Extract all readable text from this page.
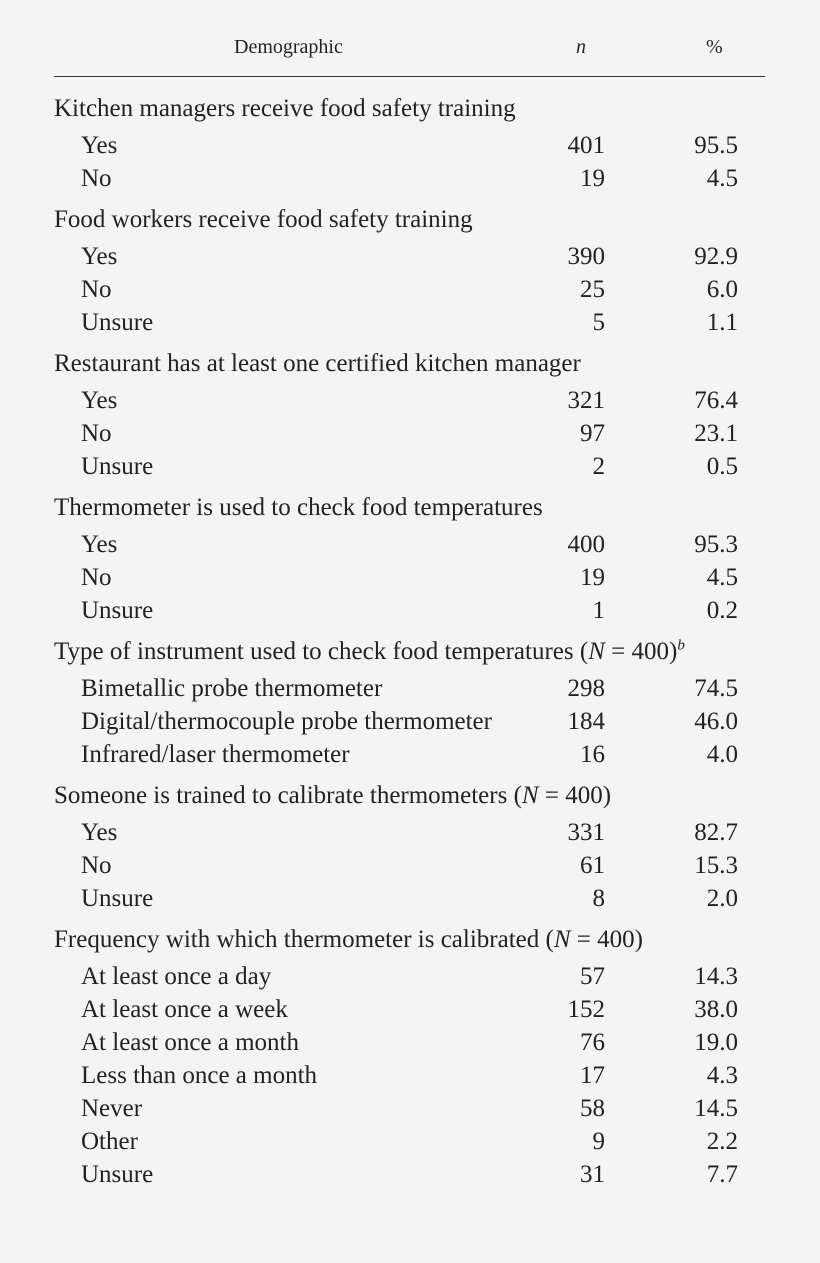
Demographic	n	%
Kitchen managers receive food safety training
Yes	401	95.5
No	19	4.5
Food workers receive food safety training
Yes	390	92.9
No	25	6.0
Unsure	5	1.1
Restaurant has at least one certified kitchen manager
Yes	321	76.4
No	97	23.1
Unsure	2	0.5
Thermometer is used to check food temperatures
Yes	400	95.3
No	19	4.5
Unsure	1	0.2
Type of instrument used to check food temperatures (N = 400)$^b$
Bimetallic probe thermometer	298	74.5
Digital/thermocouple probe thermometer	184	46.0
Infrared/laser thermometer	16	4.0
Someone is trained to calibrate thermometers (N = 400)
Yes	331	82.7
No	61	15.3
Unsure	8	2.0
Frequency with which thermometer is calibrated (N = 400)
At least once a day	57	14.3
At least once a week	152	38.0
At least once a month	76	19.0
Less than once a month	17	4.3
Never	58	14.5
Other	9	2.2
Unsure	31	7.7
